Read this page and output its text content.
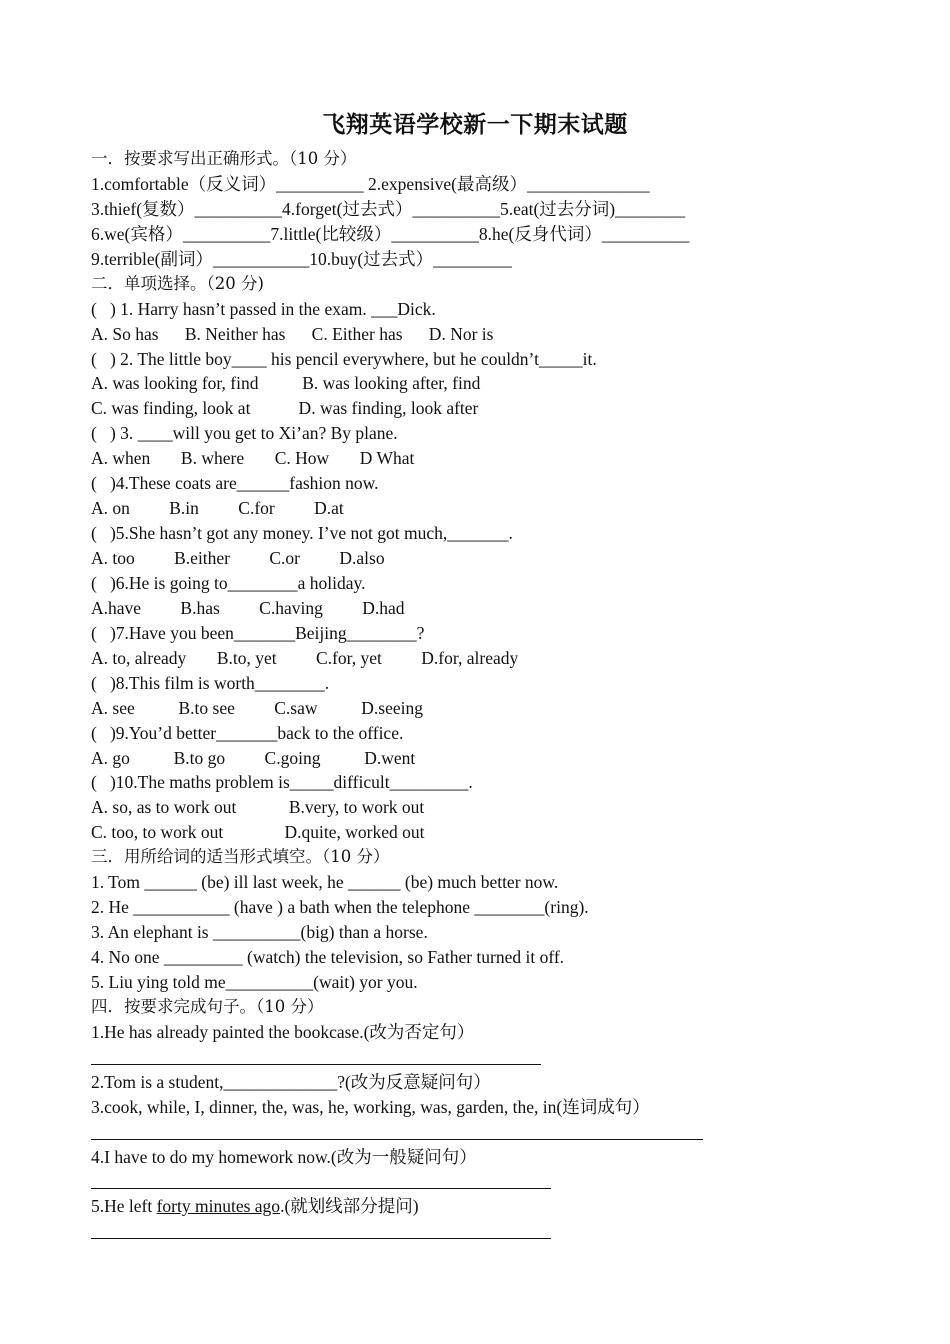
飞翔英语学校新一下期末试题
一．按要求写出正确形式。（10 分）
1.comfortable（反义词）__________ 2.expensive(最高级）______________
3.thief(复数）__________4.forget(过去式）__________5.eat(过去分词)________
6.we(宾格）__________7.little(比较级）__________8.he(反身代词）__________
9.terrible(副词）___________10.buy(过去式）_________
二．单项选择。（20 分)
(   ) 1. Harry hasn’t passed in the exam. ___Dick.
A. So has      B. Neither has      C. Either has      D. Nor is
(   ) 2. The little boy____ his pencil everywhere, but he couldn’t_____it.
A. was looking for, find          B. was looking after, find
C. was finding, look at           D. was finding, look after
(   ) 3. ____will you get to Xi’an? By plane.
A. when       B. where       C. How       D What
(   )4.These coats are______fashion now.
A. on         B.in         C.for         D.at
(   )5.She hasn’t got any money. I’ve not got much,_______.
A. too         B.either         C.or         D.also
(   )6.He is going to________a holiday.
A.have         B.has         C.having         D.had
(   )7.Have you been_______Beijing________?
A. to, already       B.to, yet         C.for, yet         D.for, already
(   )8.This film is worth________.
A. see          B.to see         C.saw          D.seeing
(   )9.You’d better_______back to the office.
A. go          B.to go         C.going          D.went
(   )10.The maths problem is_____difficult_________.
A. so, as to work out            B.very, to work out
C. too, to work out              D.quite, worked out
三．用所给词的适当形式填空。（10 分）
1. Tom ______ (be) ill last week, he ______ (be) much better now.
2. He ___________ (have ) a bath when the telephone ________(ring).
3. An elephant is __________(big) than a horse.
4. No one _________ (watch) the television, so Father turned it off.
5. Liu ying told me__________(wait) yor you.
四．按要求完成句子。（10 分）
1.He has already painted the bookcase.(改为否定句）
2.Tom is a student,_____________?(改为反意疑问句）
3.cook, while, I, dinner, the, was, he, working, was, garden, the, in(连词成句）
4.I have to do my homework now.(改为一般疑问句）
5.He left forty minutes ago.(就划线部分提问)
